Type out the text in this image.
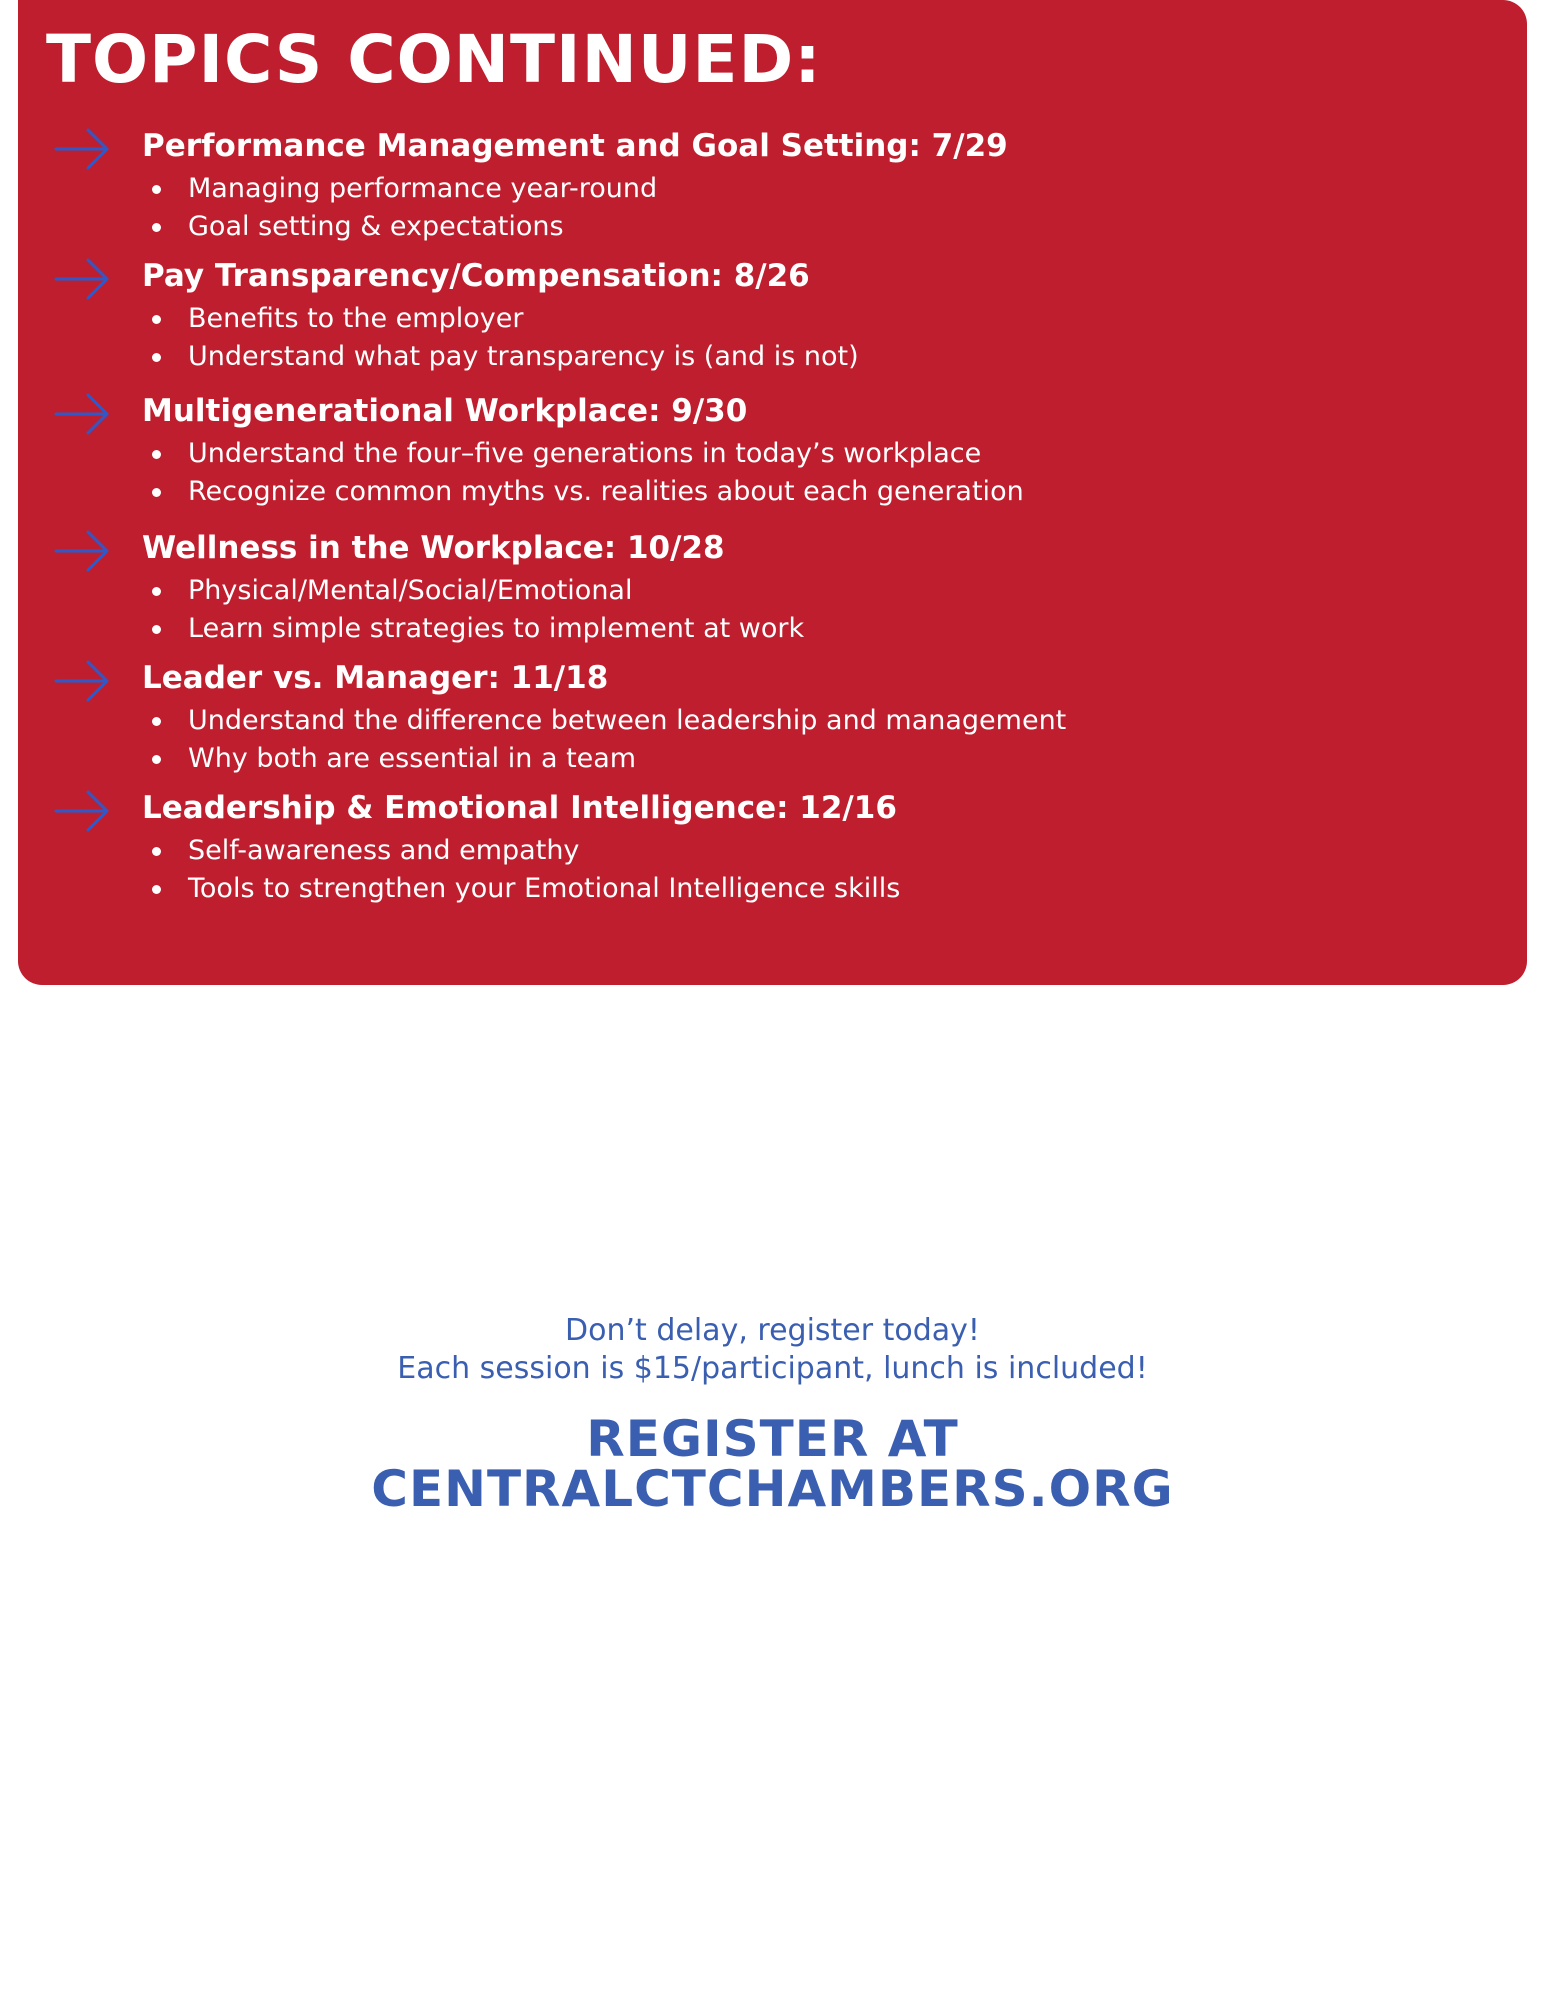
TOPICS CONTINUED:
Performance Management and Goal Setting: 7/29
Managing performance year-round
Goal setting & expectations
Pay Transparency/Compensation: 8/26
Benefits to the employer
Understand what pay transparency is (and is not)
Multigenerational Workplace: 9/30
Understand the four–five generations in today’s workplace
Recognize common myths vs. realities about each generation
Wellness in the Workplace: 10/28
Physical/Mental/Social/Emotional
Learn simple strategies to implement at work
Leader vs. Manager: 11/18
Understand the difference between leadership and management
Why both are essential in a team
Leadership & Emotional Intelligence: 12/16
Self-awareness and empathy
Tools to strengthen your Emotional Intelligence skills
Don’t delay, register today!
Each session is $15/participant, lunch is included!
REGISTER AT
CENTRALCTCHAMBERS.ORG
